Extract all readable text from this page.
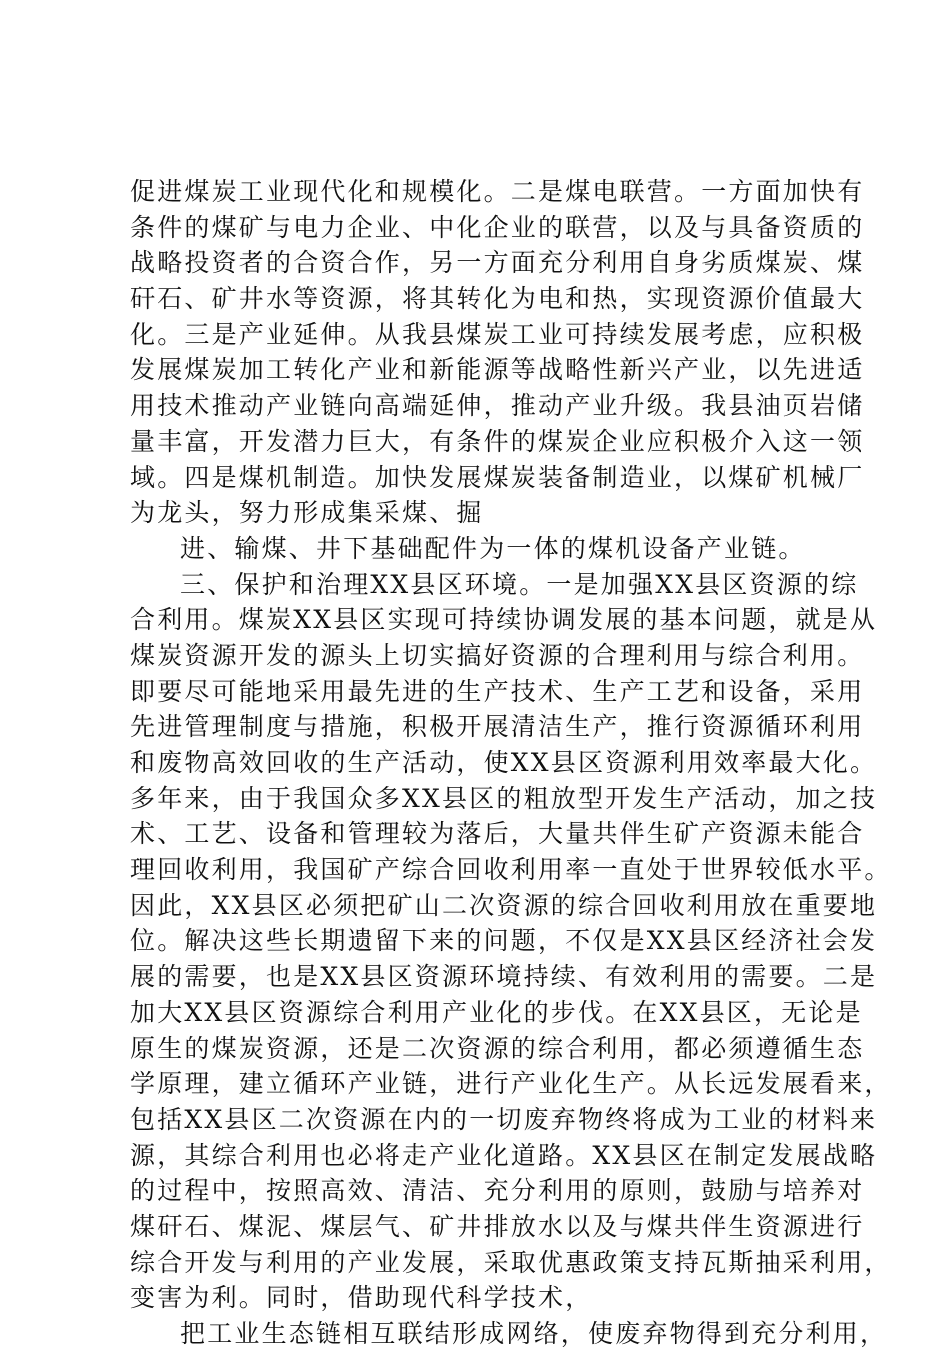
促进煤炭工业现代化和规模化。二是煤电联营。一方面加快有
条件的煤矿与电力企业、中化企业的联营，以及与具备资质的
战略投资者的合资合作，另一方面充分利用自身劣质煤炭、煤
矸石、矿井水等资源，将其转化为电和热，实现资源价值最大
化。三是产业延伸。从我县煤炭工业可持续发展考虑，应积极
发展煤炭加工转化产业和新能源等战略性新兴产业，以先进适
用技术推动产业链向高端延伸，推动产业升级。我县油页岩储
量丰富，开发潜力巨大，有条件的煤炭企业应积极介入这一领
域。四是煤机制造。加快发展煤炭装备制造业，以煤矿机械厂
为龙头，努力形成集采煤、掘
进、输煤、井下基础配件为一体的煤机设备产业链。
三、保护和治理XX县区环境。一是加强XX县区资源的综
合利用。煤炭XX县区实现可持续协调发展的基本问题，就是从
煤炭资源开发的源头上切实搞好资源的合理利用与综合利用。
即要尽可能地采用最先进的生产技术、生产工艺和设备，采用
先进管理制度与措施，积极开展清洁生产，推行资源循环利用
和废物高效回收的生产活动，使XX县区资源利用效率最大化。
多年来，由于我国众多XX县区的粗放型开发生产活动，加之技
术、工艺、设备和管理较为落后，大量共伴生矿产资源未能合
理回收利用，我国矿产综合回收利用率一直处于世界较低水平。
因此，XX县区必须把矿山二次资源的综合回收利用放在重要地
位。解决这些长期遗留下来的问题，不仅是XX县区经济社会发
展的需要，也是XX县区资源环境持续、有效利用的需要。二是
加大XX县区资源综合利用产业化的步伐。在XX县区，无论是
原生的煤炭资源，还是二次资源的综合利用，都必须遵循生态
学原理，建立循环产业链，进行产业化生产。从长远发展看来，
包括XX县区二次资源在内的一切废弃物终将成为工业的材料来
源，其综合利用也必将走产业化道路。XX县区在制定发展战略
的过程中，按照高效、清洁、充分利用的原则，鼓励与培养对
煤矸石、煤泥、煤层气、矿井排放水以及与煤共伴生资源进行
综合开发与利用的产业发展，采取优惠政策支持瓦斯抽采利用，
变害为利。同时，借助现代科学技术，
把工业生态链相互联结形成网络，使废弃物得到充分利用，
